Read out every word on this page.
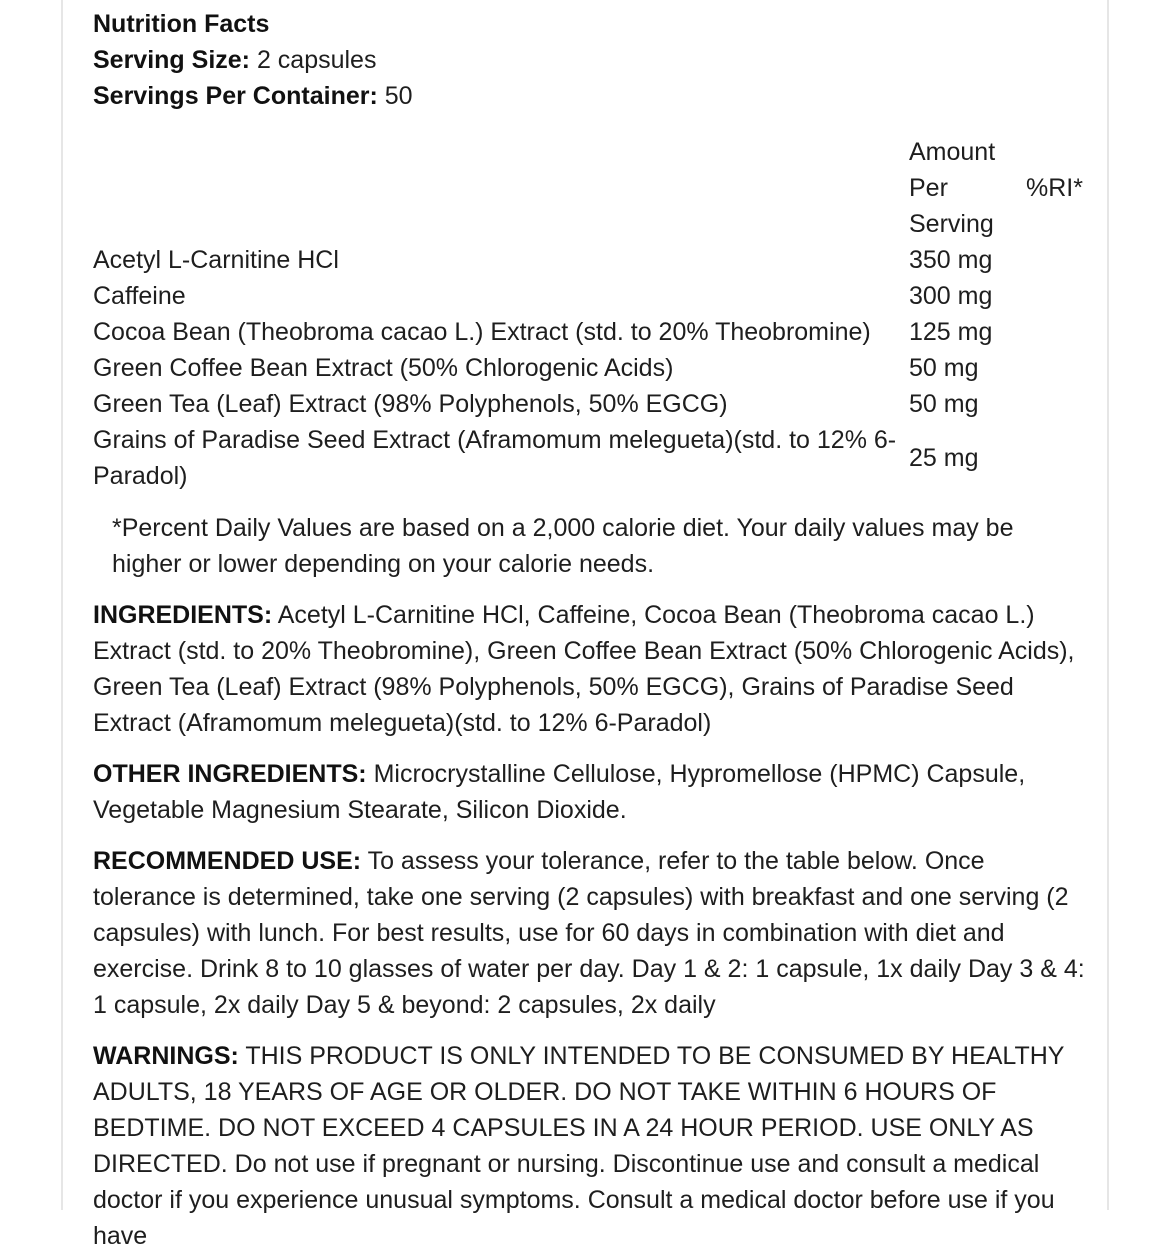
Nutrition Facts

Serving Size: 2 capsules

Servings Per Container: 50

	Amount
Per
Serving	%RI*
Acetyl L-Carnitine HCl	350 mg	
Caffeine	300 mg	
Cocoa Bean (Theobroma cacao L.) Extract (std. to 20% Theobromine)	125 mg	
Green Coffee Bean Extract (50% Chlorogenic Acids)	50 mg	
Green Tea (Leaf) Extract (98% Polyphenols, 50% EGCG)	50 mg	
Grains of Paradise Seed Extract (Aframomum melegueta)(std. to 12% 6-Paradol)	25 mg	

*Percent Daily Values are based on a 2,000 calorie diet. Your daily values may be higher or lower depending on your calorie needs.

INGREDIENTS: Acetyl L-Carnitine HCl, Caffeine, Cocoa Bean (Theobroma cacao L.) Extract (std. to 20% Theobromine), Green Coffee Bean Extract (50% Chlorogenic Acids), Green Tea (Leaf) Extract (98% Polyphenols, 50% EGCG), Grains of Paradise Seed Extract (Aframomum melegueta)(std. to 12% 6-Paradol)

OTHER INGREDIENTS: Microcrystalline Cellulose, Hypromellose (HPMC) Capsule, Vegetable Magnesium Stearate, Silicon Dioxide.

RECOMMENDED USE: To assess your tolerance, refer to the table below. Once tolerance is determined, take one serving (2 capsules) with breakfast and one serving (2 capsules) with lunch. For best results, use for 60 days in combination with diet and exercise. Drink 8 to 10 glasses of water per day. Day 1 & 2: 1 capsule, 1x daily Day 3 & 4: 1 capsule, 2x daily Day 5 & beyond: 2 capsules, 2x daily

WARNINGS: THIS PRODUCT IS ONLY INTENDED TO BE CONSUMED BY HEALTHY ADULTS, 18 YEARS OF AGE OR OLDER. DO NOT TAKE WITHIN 6 HOURS OF BEDTIME. DO NOT EXCEED 4 CAPSULES IN A 24 HOUR PERIOD. USE ONLY AS DIRECTED. Do not use if pregnant or nursing. Discontinue use and consult a medical doctor if you experience unusual symptoms. Consult a medical doctor before use if you have
